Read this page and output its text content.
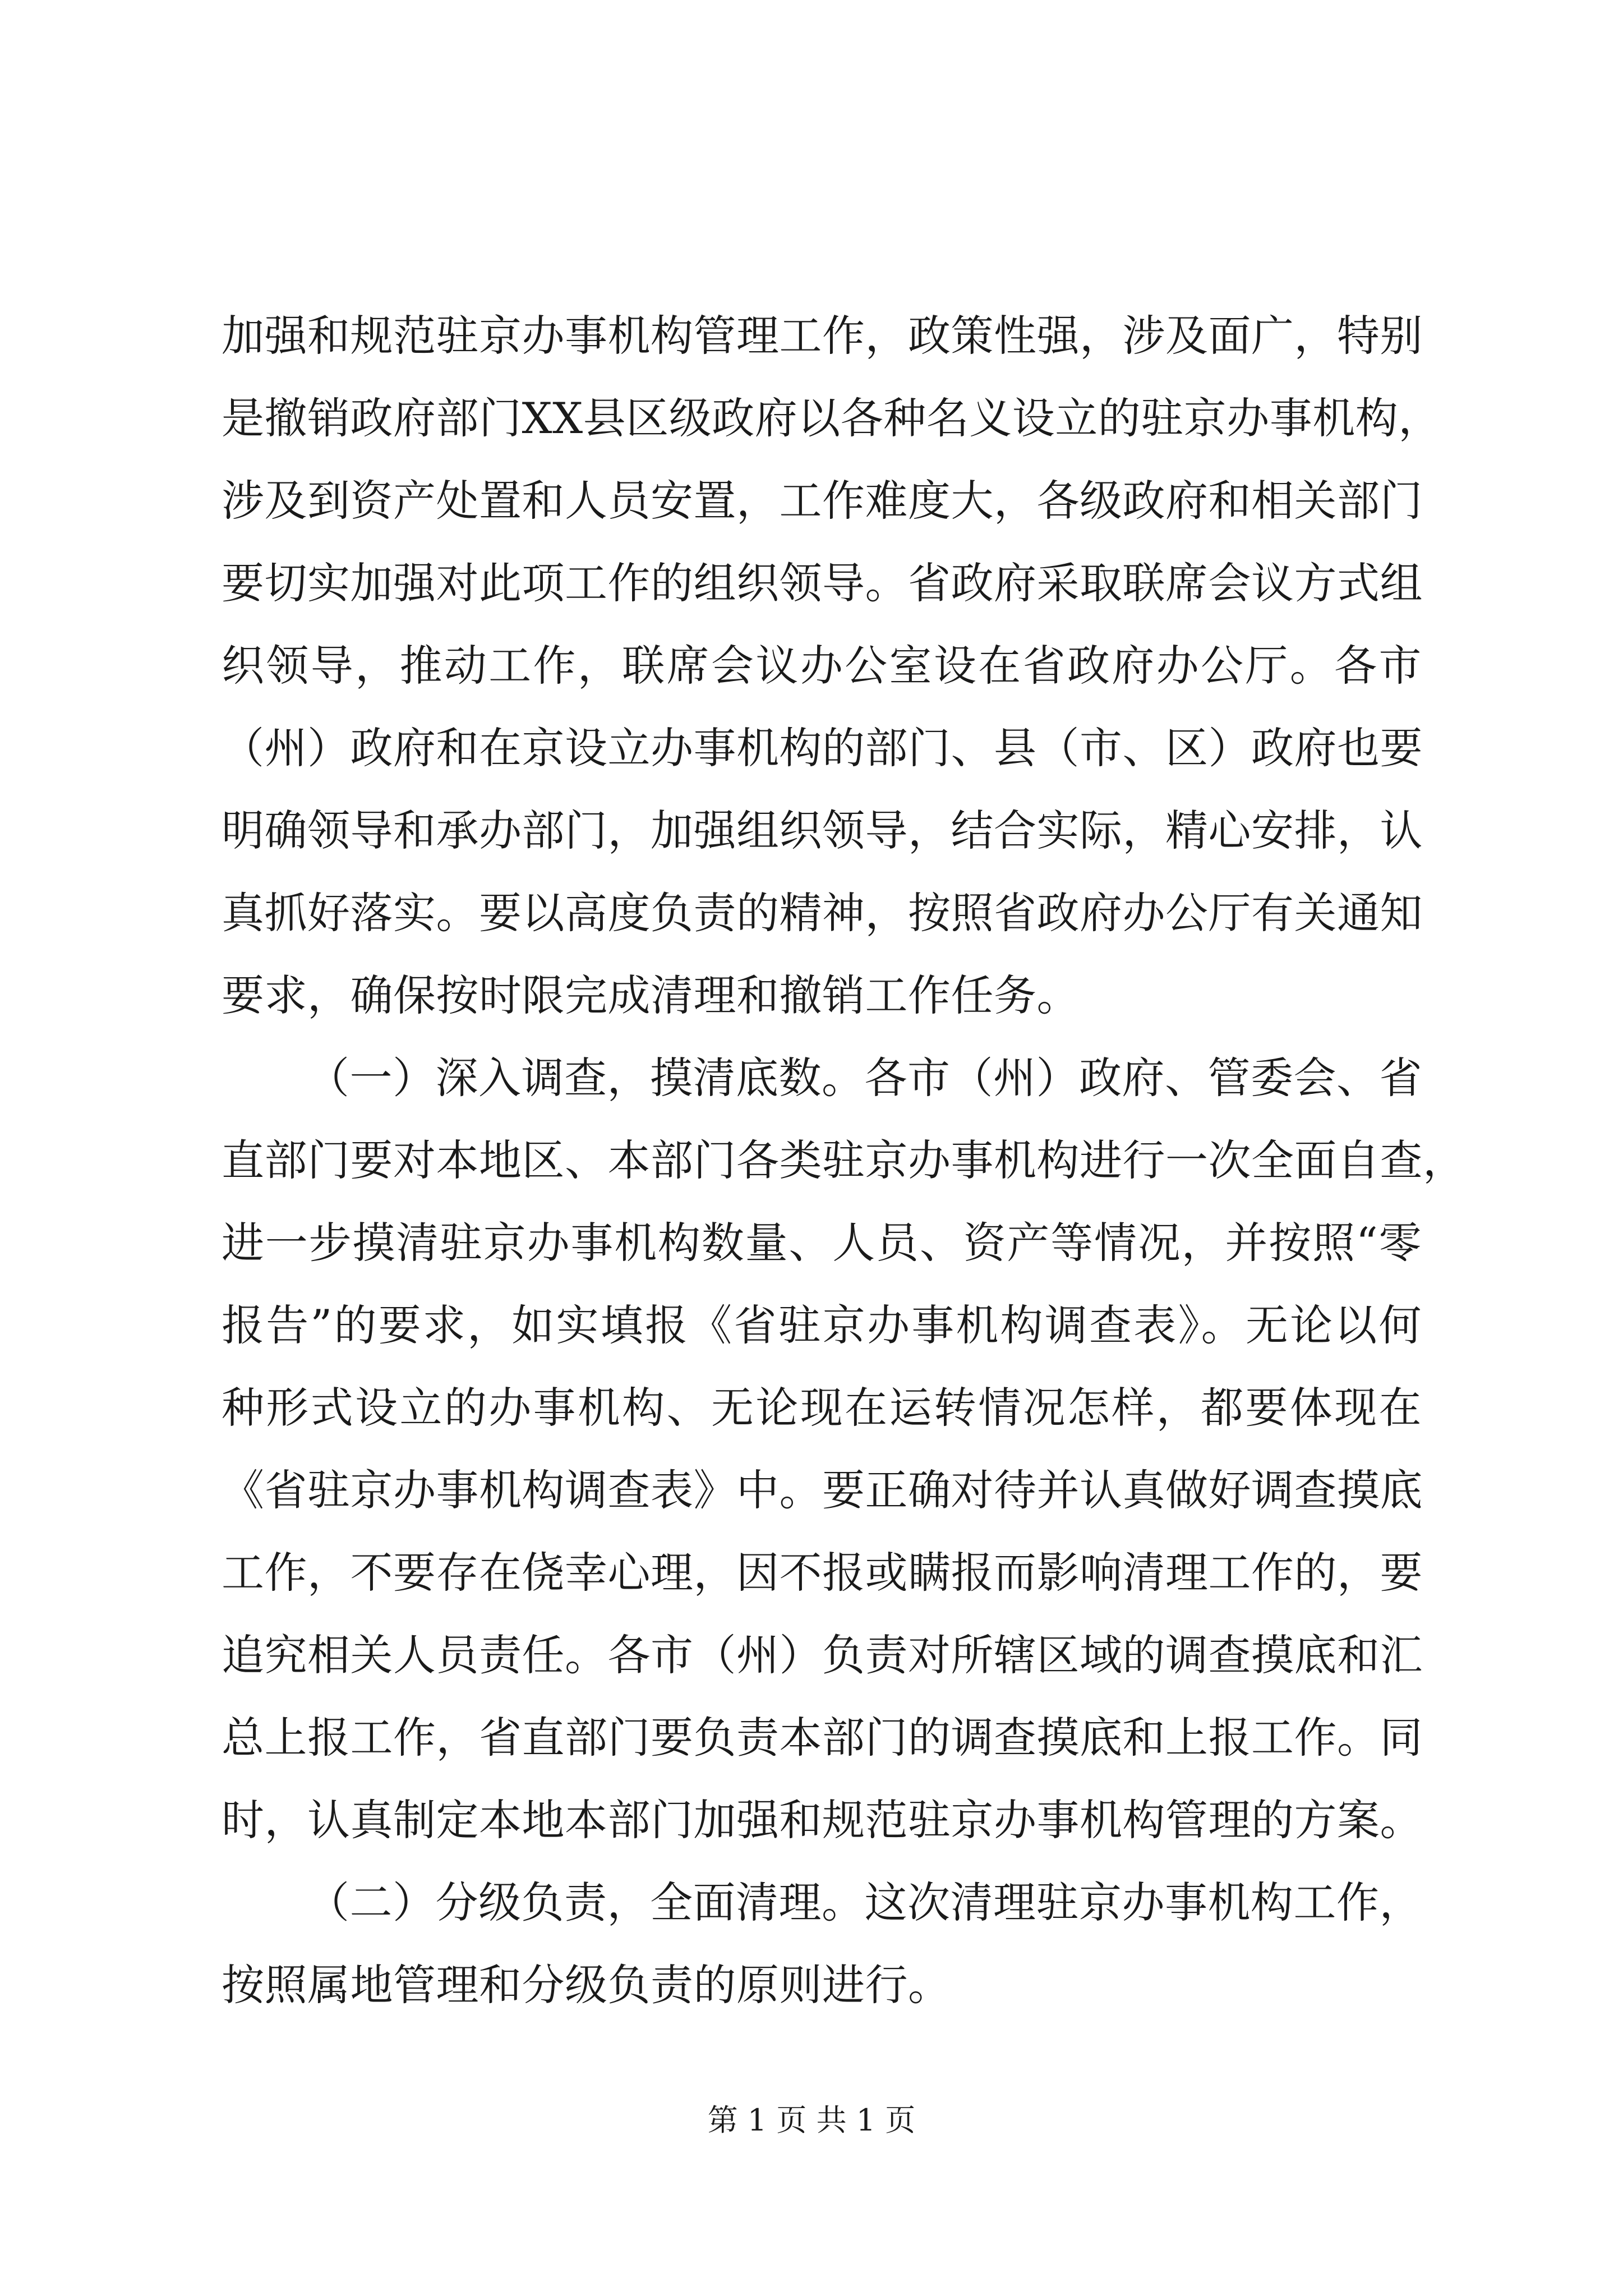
加强和规范驻京办事机构管理工作，政策性强，涉及面广，特别
是撤销政府部门XX县区级政府以各种名义设立的驻京办事机构，
涉及到资产处置和人员安置，工作难度大，各级政府和相关部门
要切实加强对此项工作的组织领导。省政府采取联席会议方式组
织领导，推动工作，联席会议办公室设在省政府办公厅。各市
（州）政府和在京设立办事机构的部门、县（市、区）政府也要
明确领导和承办部门，加强组织领导，结合实际，精心安排，认
真抓好落实。要以高度负责的精神，按照省政府办公厅有关通知
要求，确保按时限完成清理和撤销工作任务。
（一）深入调查，摸清底数。各市（州）政府、管委会、省
直部门要对本地区、本部门各类驻京办事机构进行一次全面自查，
进一步摸清驻京办事机构数量、人员、资产等情况，并按照“零
报告”的要求，如实填报《省驻京办事机构调查表》。无论以何
种形式设立的办事机构、无论现在运转情况怎样，都要体现在
《省驻京办事机构调查表》中。要正确对待并认真做好调查摸底
工作，不要存在侥幸心理，因不报或瞒报而影响清理工作的，要
追究相关人员责任。各市（州）负责对所辖区域的调查摸底和汇
总上报工作，省直部门要负责本部门的调查摸底和上报工作。同
时，认真制定本地本部门加强和规范驻京办事机构管理的方案。
（二）分级负责，全面清理。这次清理驻京办事机构工作，
按照属地管理和分级负责的原则进行。
第 1 页 共 1 页
